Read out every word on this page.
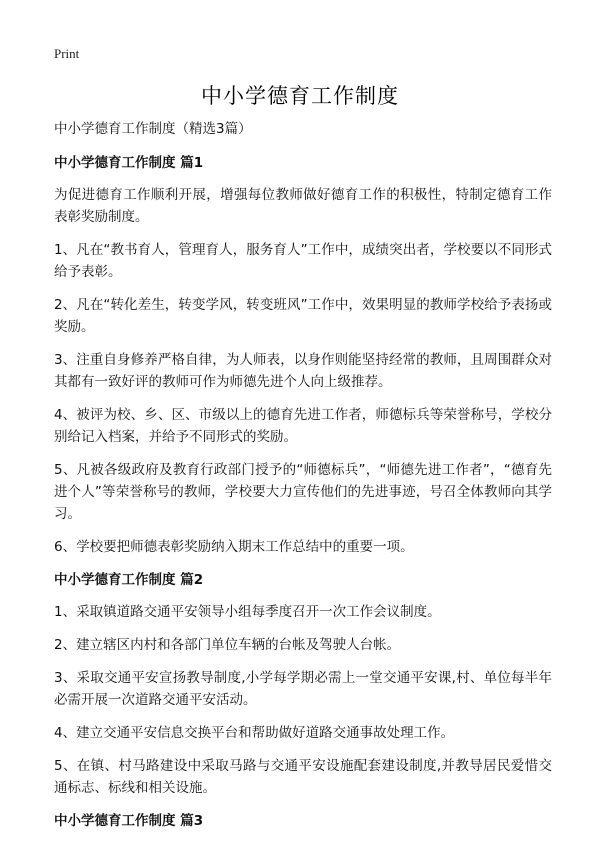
Print
中小学德育工作制度
中小学德育工作制度（精选3篇）
中小学德育工作制度 篇1

为促进德育工作顺利开展，增强每位教师做好德育工作的积极性，特制定德育工作表彰奖励制度。

1、凡在“教书育人，管理育人，服务育人”工作中，成绩突出者，学校要以不同形式给予表彰。

2、凡在“转化差生，转变学风，转变班风”工作中，效果明显的教师学校给予表扬或奖励。

3、注重自身修养严格自律，为人师表，以身作则能坚持经常的教师，且周围群众对其都有一致好评的教师可作为师德先进个人向上级推荐。

4、被评为校、乡、区、市级以上的德育先进工作者，师德标兵等荣誉称号，学校分别给记入档案，并给予不同形式的奖励。

5、凡被各级政府及教育行政部门授予的“师德标兵”，“师德先进工作者”，“德育先进个人”等荣誉称号的教师，学校要大力宣传他们的先进事迹，号召全体教师向其学习。

6、学校要把师德表彰奖励纳入期末工作总结中的重要一项。

中小学德育工作制度 篇2

1、采取镇道路交通平安领导小组每季度召开一次工作会议制度。

2、建立辖区内村和各部门单位车辆的台帐及驾驶人台帐。

3、采取交通平安宣扬教导制度,小学每学期必需上一堂交通平安课,村、单位每半年必需开展一次道路交通平安活动。

4、建立交通平安信息交换平台和帮助做好道路交通事故处理工作。

5、在镇、村马路建设中采取马路与交通平安设施配套建设制度,并教导居民爱惜交通标志、标线和相关设施。

中小学德育工作制度 篇3
